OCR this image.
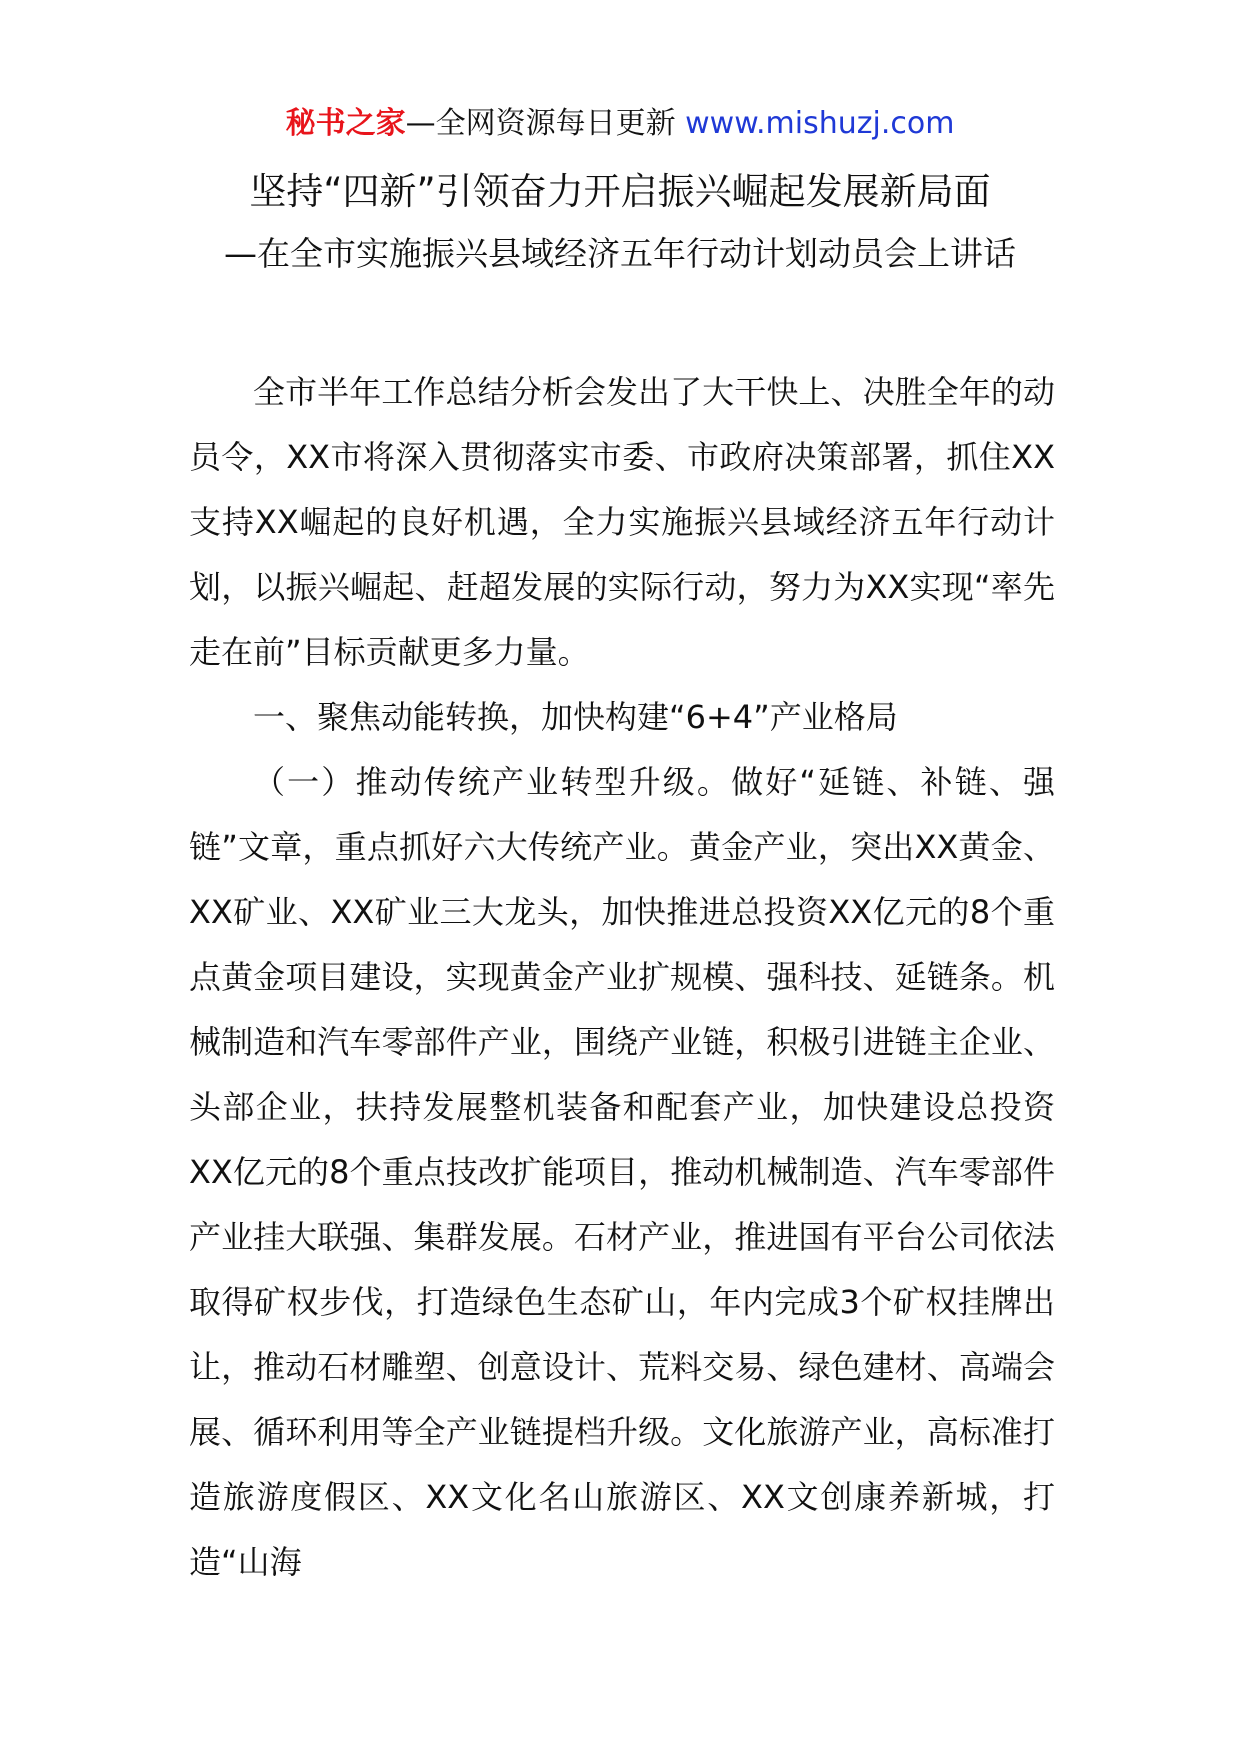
秘书之家—全网资源每日更新 www.mishuzj.com
坚持“四新”引领奋力开启振兴崛起发展新局面
—在全市实施振兴县域经济五年行动计划动员会上讲话

全市半年工作总结分析会发出了大干快上、决胜全年的动员令，XX市将深入贯彻落实市委、市政府决策部署，抓住XX支持XX崛起的良好机遇，全力实施振兴县域经济五年行动计划，以振兴崛起、赶超发展的实际行动，努力为XX实现“率先走在前”目标贡献更多力量。

一、聚焦动能转换，加快构建“6+4”产业格局

（一）推动传统产业转型升级。做好“延链、补链、强链”文章，重点抓好六大传统产业。黄金产业，突出XX黄金、XX矿业、XX矿业三大龙头，加快推进总投资XX亿元的8个重点黄金项目建设，实现黄金产业扩规模、强科技、延链条。机械制造和汽车零部件产业，围绕产业链，积极引进链主企业、头部企业，扶持发展整机装备和配套产业，加快建设总投资XX亿元的8个重点技改扩能项目，推动机械制造、汽车零部件产业挂大联强、集群发展。石材产业，推进国有平台公司依法取得矿权步伐，打造绿色生态矿山，年内完成3个矿权挂牌出让，推动石材雕塑、创意设计、荒料交易、绿色建材、高端会展、循环利用等全产业链提档升级。文化旅游产业，高标准打造旅游度假区、XX文化名山旅游区、XX文创康养新城，打造“山海
